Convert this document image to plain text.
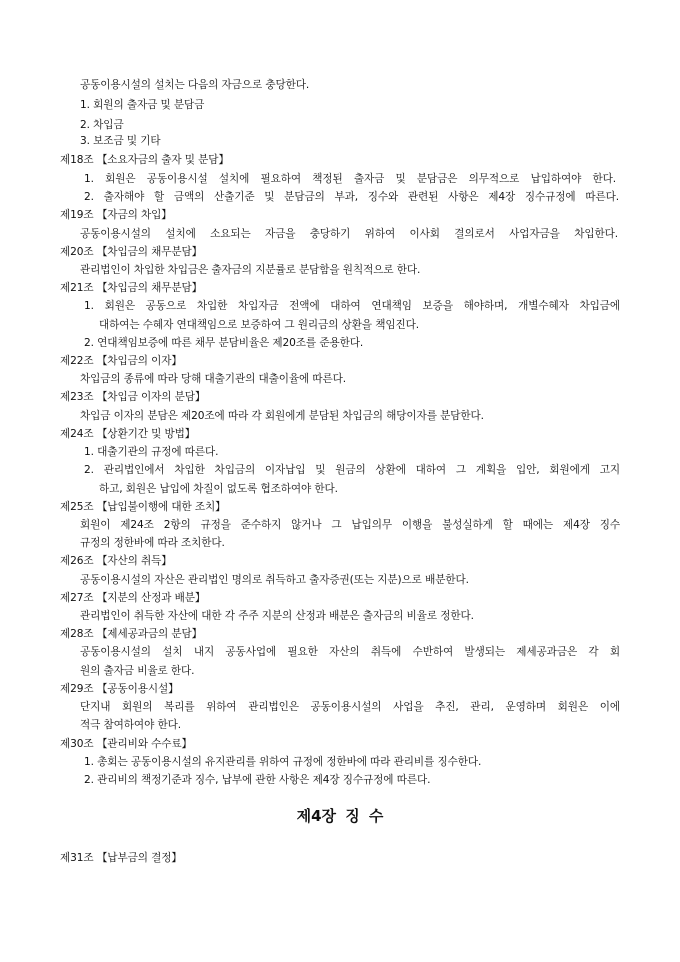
공동이용시설의 설치는 다음의 자금으로 충당한다.
1. 회원의 출자금 및 분담금
2. 차입금
3. 보조금 및 기타
제18조 【소요자금의 출자 및 분담】
1. 회원은 공동이용시설 설치에 필요하여 책정된 출자금 및 분담금은 의무적으로 납입하여야 한다.
2. 출자해야 할 금액의 산출기준 및 분담금의 부과, 징수와 관련된 사항은 제4장 징수규정에 따른다.
제19조 【자금의 차입】
공동이용시설의 설치에 소요되는 자금을 충당하기 위하여 이사회 결의로서 사업자금을 차입한다.
제20조 【차입금의 채무분담】
관리법인이 차입한 차입금은 출자금의 지분률로 분담함을 원칙적으로 한다.
제21조 【차입금의 채무분담】
1. 회원은 공동으로 차입한 차입자금 전액에 대하여 연대책임 보증을 해야하며, 개별수혜자 차입금에
대하여는 수혜자 연대책임으로 보증하여 그 원리금의 상환을 책임진다.
2. 연대책임보증에 따른 채무 분담비율은 제20조를 준용한다.
제22조 【차입금의 이자】
차입금의 종류에 따라 당해 대출기관의 대출이율에 따른다.
제23조 【차입금 이자의 분담】
차입금 이자의 분담은 제20조에 따라 각 회원에게 분담된 차입금의 해당이자를 분담한다.
제24조 【상환기간 및 방법】
1. 대출기관의 규정에 따른다.
2. 관리법인에서 차입한 차입금의 이자납입 및 원금의 상환에 대하여 그 계획을 입안, 회원에게 고지
하고, 회원은 납입에 차질이 없도록 협조하여야 한다.
제25조 【납입불이행에 대한 조치】
회원이 제24조 2항의 규정을 준수하지 않거나 그 납입의무 이행을 불성실하게 할 때에는 제4장 징수
규정의 정한바에 따라 조치한다.
제26조 【자산의 취득】
공동이용시설의 자산은 관리법인 명의로 취득하고 출자증권(또는 지분)으로 배분한다.
제27조 【지분의 산정과 배분】
관리법인이 취득한 자산에 대한 각 주주 지분의 산정과 배분은 출자금의 비율로 정한다.
제28조 【제세공과금의 분담】
공동이용시설의 설치 내지 공동사업에 필요한 자산의 취득에 수반하여 발생되는 제세공과금은 각 회
원의 출자금 비율로 한다.
제29조 【공동이용시설】
단지내 회원의 복리를 위하여 관리법인은 공동이용시설의 사업을 추진, 관리, 운영하며 회원은 이에
적극 참여하여야 한다.
제30조 【관리비와 수수료】
1. 총회는 공동이용시설의 유지관리를 위하여 규정에 정한바에 따라 관리비를 징수한다.
2. 관리비의 책정기준과 징수, 납부에 관한 사항은 제4장 징수규정에 따른다.
제4장 징 수
제31조 【납부금의 결정】
